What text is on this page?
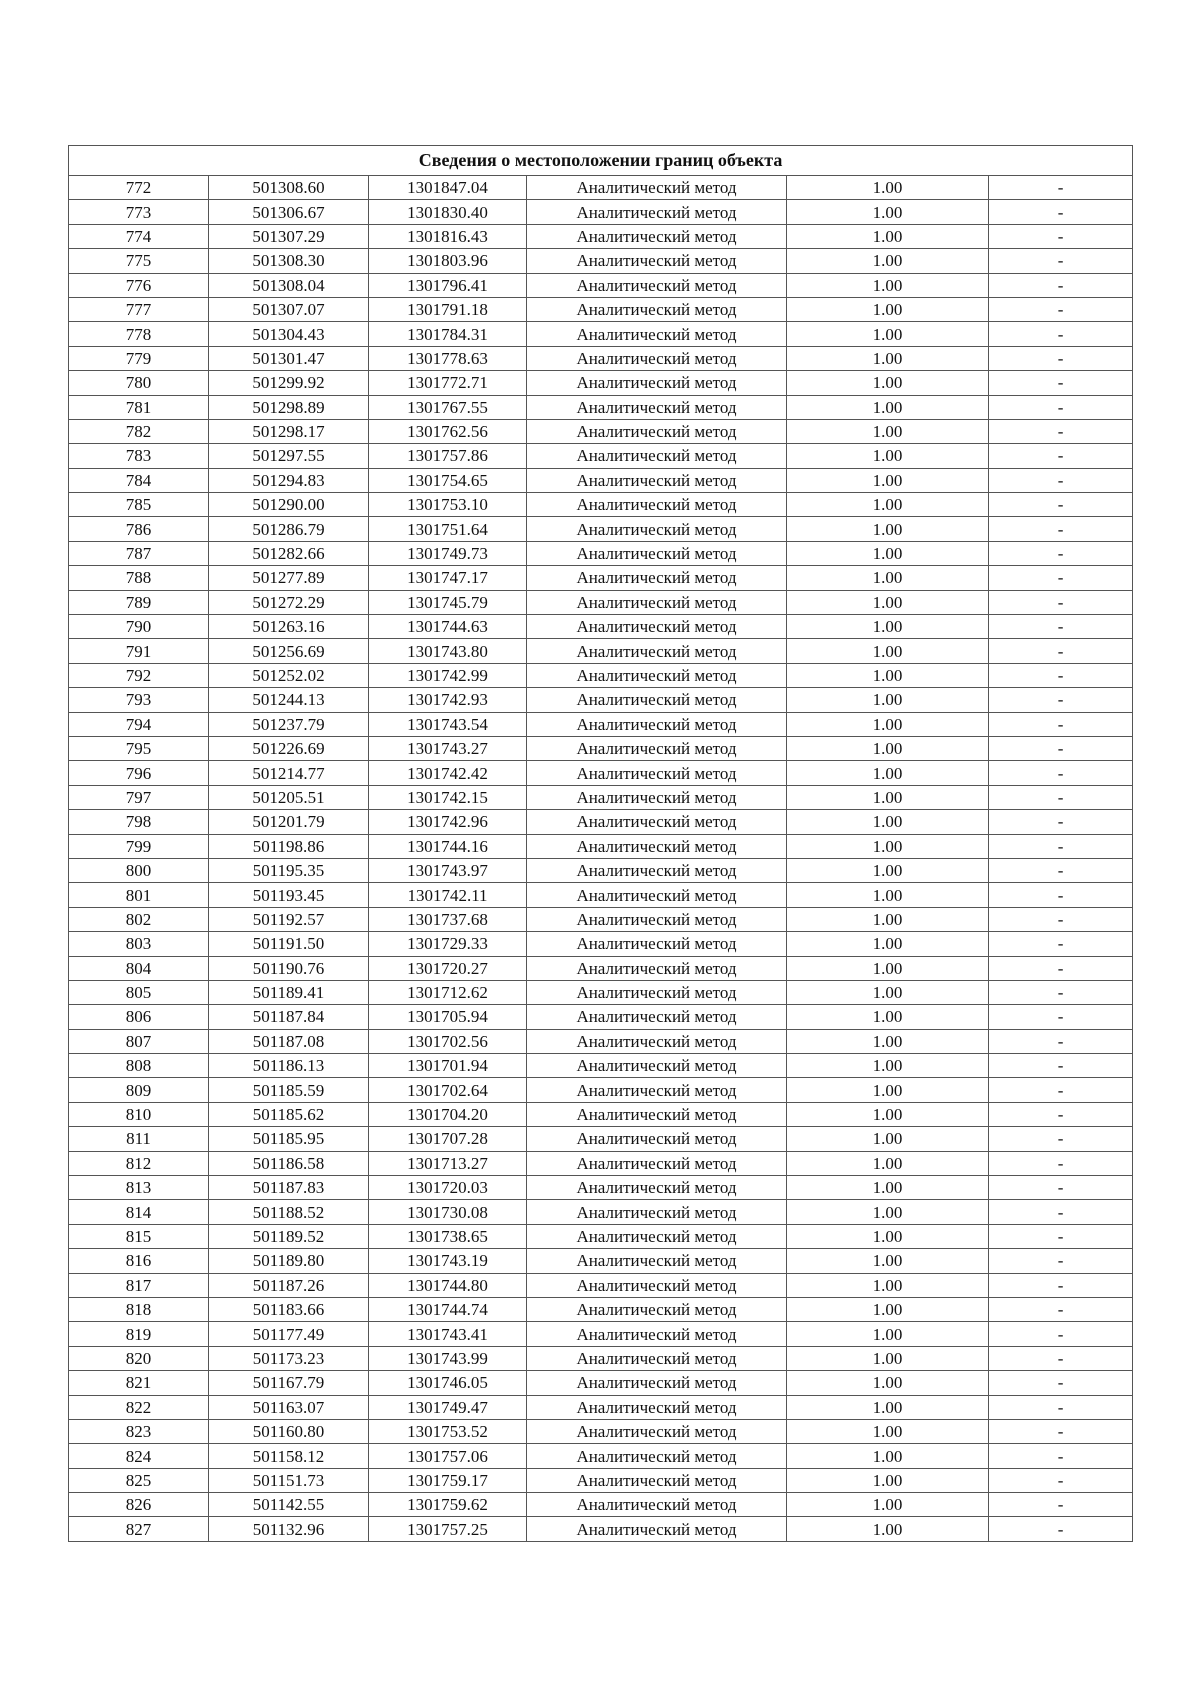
Сведения о местоположении границ объекта					
772	501308.60	1301847.04	Аналитический метод	1.00	-
773	501306.67	1301830.40	Аналитический метод	1.00	-
774	501307.29	1301816.43	Аналитический метод	1.00	-
775	501308.30	1301803.96	Аналитический метод	1.00	-
776	501308.04	1301796.41	Аналитический метод	1.00	-
777	501307.07	1301791.18	Аналитический метод	1.00	-
778	501304.43	1301784.31	Аналитический метод	1.00	-
779	501301.47	1301778.63	Аналитический метод	1.00	-
780	501299.92	1301772.71	Аналитический метод	1.00	-
781	501298.89	1301767.55	Аналитический метод	1.00	-
782	501298.17	1301762.56	Аналитический метод	1.00	-
783	501297.55	1301757.86	Аналитический метод	1.00	-
784	501294.83	1301754.65	Аналитический метод	1.00	-
785	501290.00	1301753.10	Аналитический метод	1.00	-
786	501286.79	1301751.64	Аналитический метод	1.00	-
787	501282.66	1301749.73	Аналитический метод	1.00	-
788	501277.89	1301747.17	Аналитический метод	1.00	-
789	501272.29	1301745.79	Аналитический метод	1.00	-
790	501263.16	1301744.63	Аналитический метод	1.00	-
791	501256.69	1301743.80	Аналитический метод	1.00	-
792	501252.02	1301742.99	Аналитический метод	1.00	-
793	501244.13	1301742.93	Аналитический метод	1.00	-
794	501237.79	1301743.54	Аналитический метод	1.00	-
795	501226.69	1301743.27	Аналитический метод	1.00	-
796	501214.77	1301742.42	Аналитический метод	1.00	-
797	501205.51	1301742.15	Аналитический метод	1.00	-
798	501201.79	1301742.96	Аналитический метод	1.00	-
799	501198.86	1301744.16	Аналитический метод	1.00	-
800	501195.35	1301743.97	Аналитический метод	1.00	-
801	501193.45	1301742.11	Аналитический метод	1.00	-
802	501192.57	1301737.68	Аналитический метод	1.00	-
803	501191.50	1301729.33	Аналитический метод	1.00	-
804	501190.76	1301720.27	Аналитический метод	1.00	-
805	501189.41	1301712.62	Аналитический метод	1.00	-
806	501187.84	1301705.94	Аналитический метод	1.00	-
807	501187.08	1301702.56	Аналитический метод	1.00	-
808	501186.13	1301701.94	Аналитический метод	1.00	-
809	501185.59	1301702.64	Аналитический метод	1.00	-
810	501185.62	1301704.20	Аналитический метод	1.00	-
811	501185.95	1301707.28	Аналитический метод	1.00	-
812	501186.58	1301713.27	Аналитический метод	1.00	-
813	501187.83	1301720.03	Аналитический метод	1.00	-
814	501188.52	1301730.08	Аналитический метод	1.00	-
815	501189.52	1301738.65	Аналитический метод	1.00	-
816	501189.80	1301743.19	Аналитический метод	1.00	-
817	501187.26	1301744.80	Аналитический метод	1.00	-
818	501183.66	1301744.74	Аналитический метод	1.00	-
819	501177.49	1301743.41	Аналитический метод	1.00	-
820	501173.23	1301743.99	Аналитический метод	1.00	-
821	501167.79	1301746.05	Аналитический метод	1.00	-
822	501163.07	1301749.47	Аналитический метод	1.00	-
823	501160.80	1301753.52	Аналитический метод	1.00	-
824	501158.12	1301757.06	Аналитический метод	1.00	-
825	501151.73	1301759.17	Аналитический метод	1.00	-
826	501142.55	1301759.62	Аналитический метод	1.00	-
827	501132.96	1301757.25	Аналитический метод	1.00	-
